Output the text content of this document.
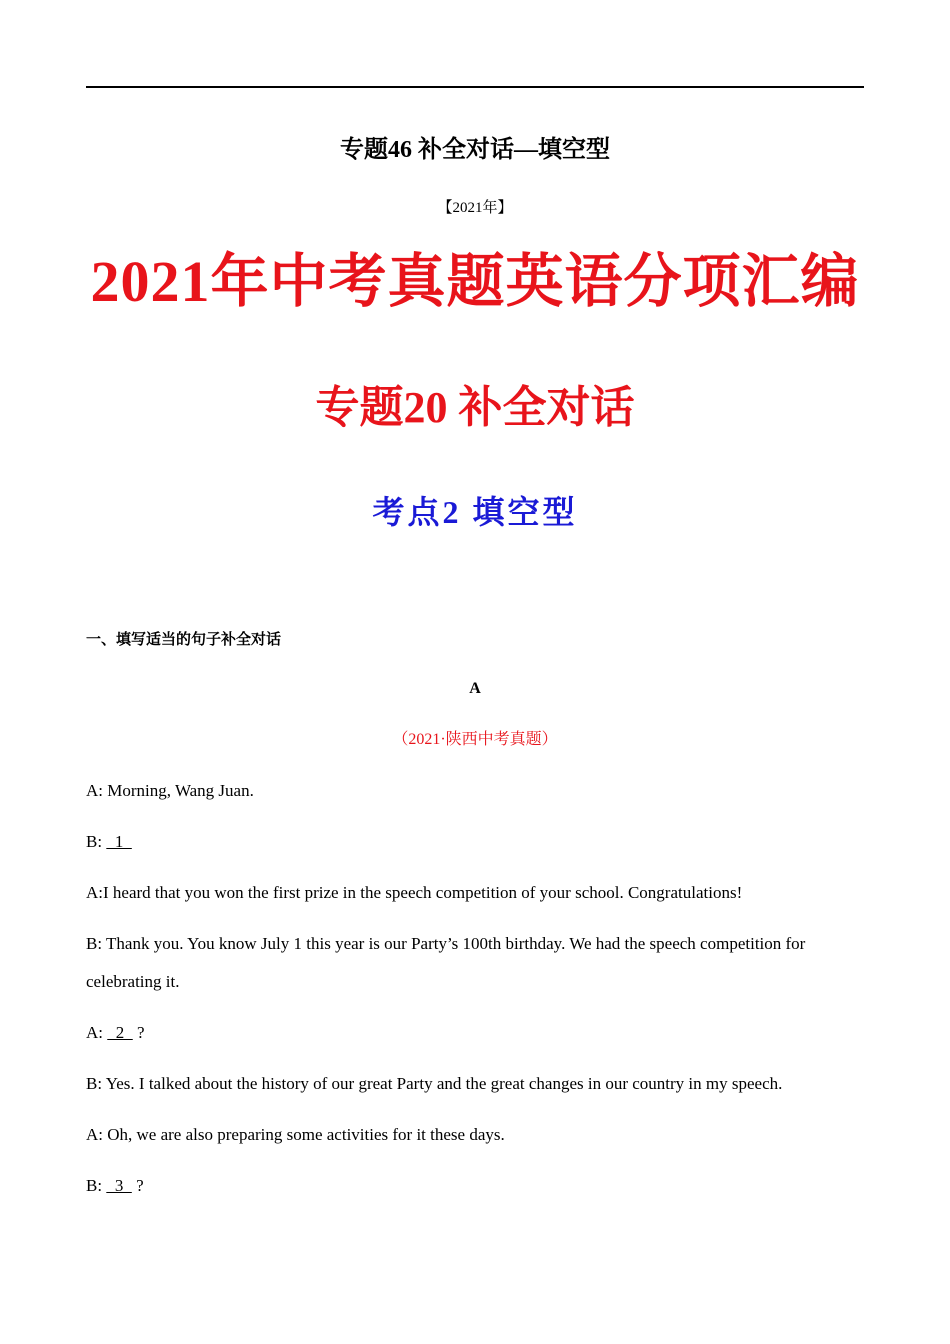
专题46 补全对话—填空型
【2021年】
2021年中考真题英语分项汇编
专题20 补全对话
考点2 填空型
一、填写适当的句子补全对话
A
（2021·陕西中考真题）
A: Morning, Wang Juan.
B:   1
A:I heard that you won the first prize in the speech competition of your school. Congratulations!
B: Thank you. You know July 1 this year is our Party’s 100th birthday. We had the speech competition for celebrating it.
A:   2   ?
B: Yes. I talked about the history of our great Party and the great changes in our country in my speech.
A: Oh, we are also preparing some activities for it these days.
B:   3   ?
